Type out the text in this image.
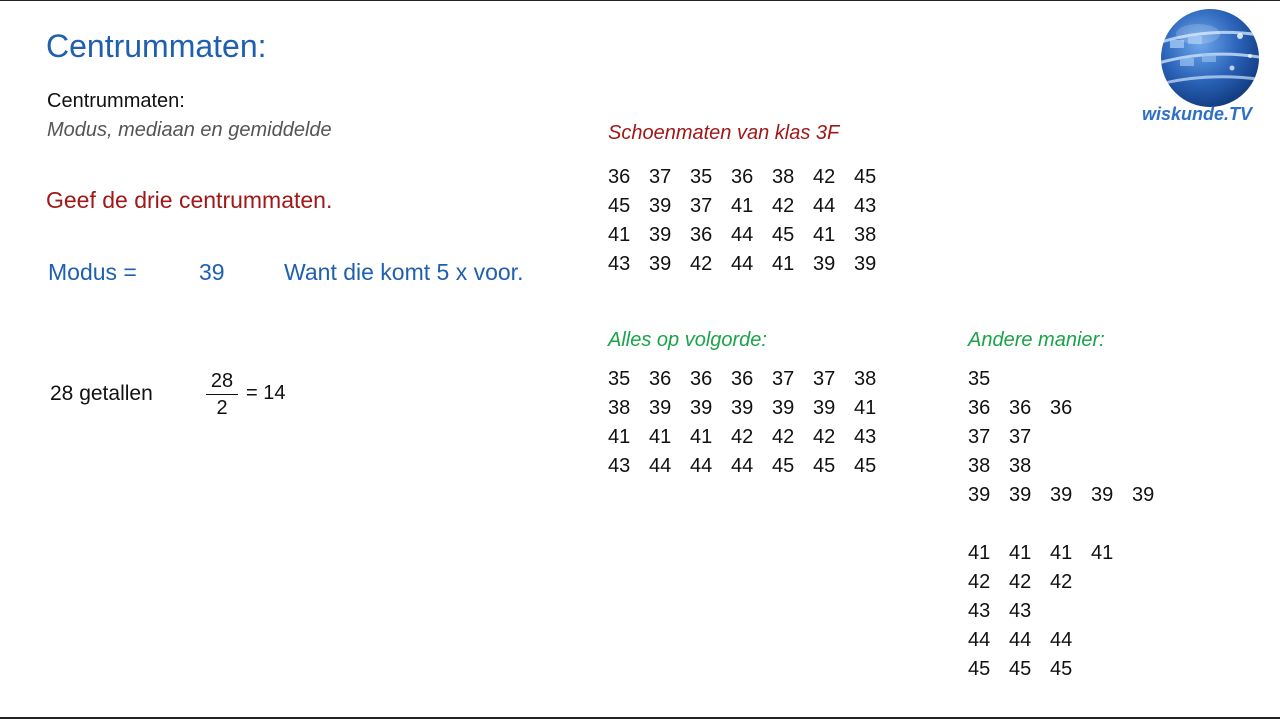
Centrummaten:
Centrummaten:
Modus, mediaan en gemiddelde
Geef de drie centrummaten.
Modus =	39	Want die komt 5 x voor.
28 getallen
28
2
= 14
Schoenmaten van klas 3F
36 37 35 36 38 42 45
45 39 37 41 42 44 43
41 39 36 44 45 41 38
43 39 42 44 41 39 39
Alles op volgorde:
35 36 36 36 37 37 38
38 39 39 39 39 39 41
41 41 41 42 42 42 43
43 44 44 44 45 45 45
Andere manier:
35
36 36 36
37 37
38 38
39 39 39 39 39
41 41 41 41
42 42 42
43 43
44 44 44
45 45 45
wiskunde.TV
